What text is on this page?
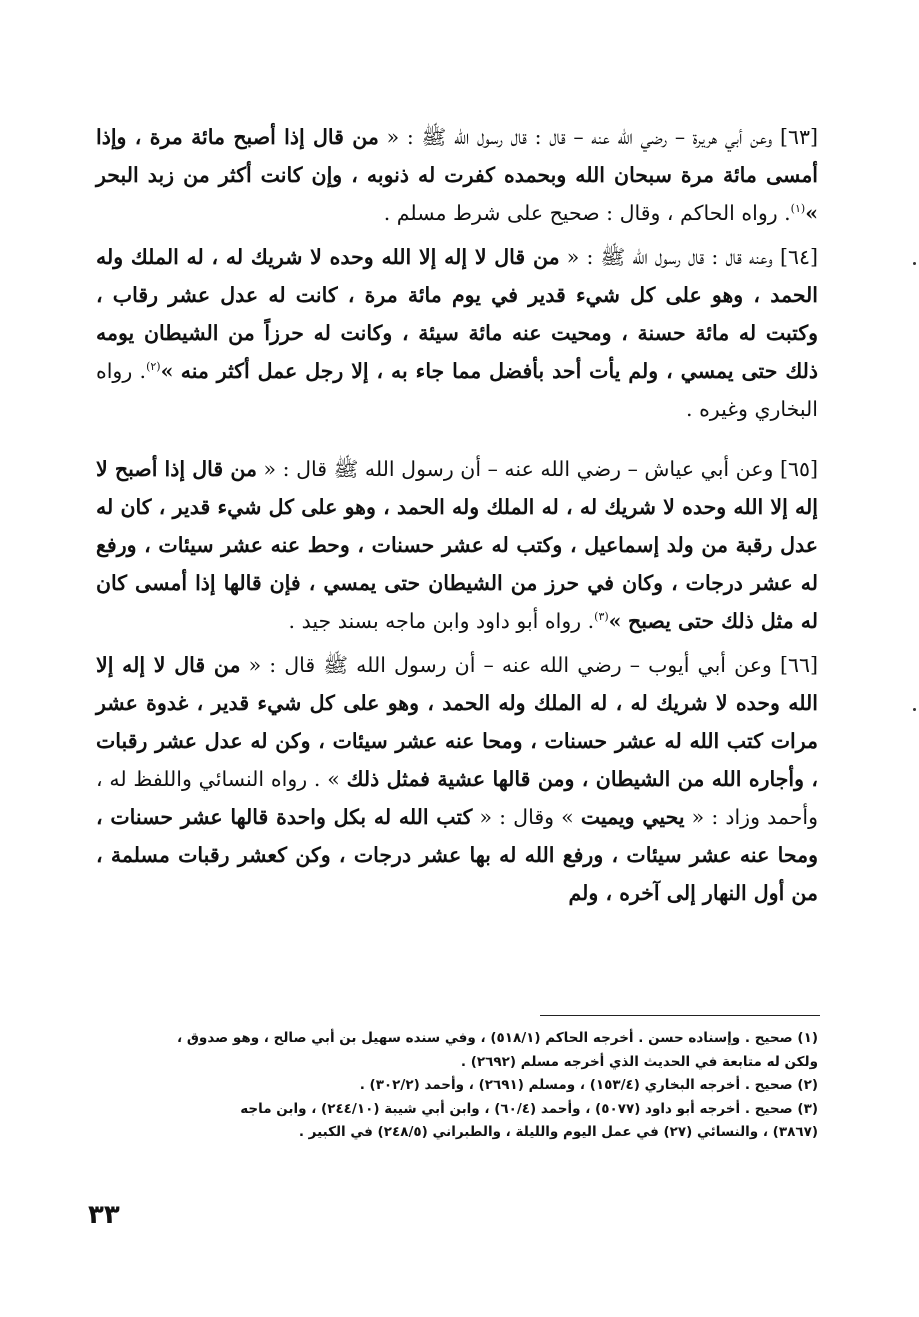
[٦٣] وعن أبي هريرة – رضي الله عنه – قال : قال رسول الله ﷺ : « من قال إذا أصبح مائة مرة ، وإذا أمسى مائة مرة سبحان الله وبحمده كفرت له ذنوبه ، وإن كانت أكثر من زبد البحر »$^{(١)}$. رواه الحاكم ، وقال : صحيح على شرط مسلم .

[٦٤] وعنه قال : قال رسول الله ﷺ : « من قال لا إله إلا الله وحده لا شريك له ، له الملك وله الحمد ، وهو على كل شيء قدير في يوم مائة مرة ، كانت له عدل عشر رقاب ، وكتبت له مائة حسنة ، ومحيت عنه مائة سيئة ، وكانت له حرزاً من الشيطان يومه ذلك حتى يمسي ، ولم يأت أحد بأفضل مما جاء به ، إلا رجل عمل أكثر منه »$^{(٢)}$. رواه البخاري وغيره .

[٦٥] وعن أبي عياش – رضي الله عنه – أن رسول الله ﷺ قال : « من قال إذا أصبح لا إله إلا الله وحده لا شريك له ، له الملك وله الحمد ، وهو على كل شيء قدير ، كان له عدل رقبة من ولد إسماعيل ، وكتب له عشر حسنات ، وحط عنه عشر سيئات ، ورفع له عشر درجات ، وكان في حرز من الشيطان حتى يمسي ، فإن قالها إذا أمسى كان له مثل ذلك حتى يصبح »$^{(٣)}$. رواه أبو داود وابن ماجه بسند جيد .

[٦٦] وعن أبي أيوب – رضي الله عنه – أن رسول الله ﷺ قال : « من قال لا إله إلا الله وحده لا شريك له ، له الملك وله الحمد ، وهو على كل شيء قدير ، غدوة عشر مرات كتب الله له عشر حسنات ، ومحا عنه عشر سيئات ، وكن له عدل عشر رقبات ، وأجاره الله من الشيطان ، ومن قالها عشية فمثل ذلك » . رواه النسائي واللفظ له ، وأحمد وزاد : « يحيي ويميت » وقال : « كتب الله له بكل واحدة قالها عشر حسنات ، ومحا عنه عشر سيئات ، ورفع الله له بها عشر درجات ، وكن كعشر رقبات مسلمة ، من أول النهار إلى آخره ، ولم

(١) صحيح . وإسناده حسن . أخرجه الحاكم (٥١٨/١) ، وفي سنده سهيل بن أبي صالح ، وهو صدوق ،

ولكن له متابعة في الحديث الذي أخرجه مسلم (٢٦٩٢) .

(٢) صحيح . أخرجه البخاري (١٥٣/٤) ، ومسلم (٢٦٩١) ، وأحمد (٣٠٢/٢) .

(٣) صحيح . أخرجه أبو داود (٥٠٧٧) ، وأحمد (٦٠/٤) ، وابن أبي شيبة (٢٤٤/١٠) ، وابن ماجه

(٣٨٦٧) ، والنسائي (٢٧) في عمل اليوم والليلة ، والطبراني (٢٤٨/٥) في الكبير .

٣٣
